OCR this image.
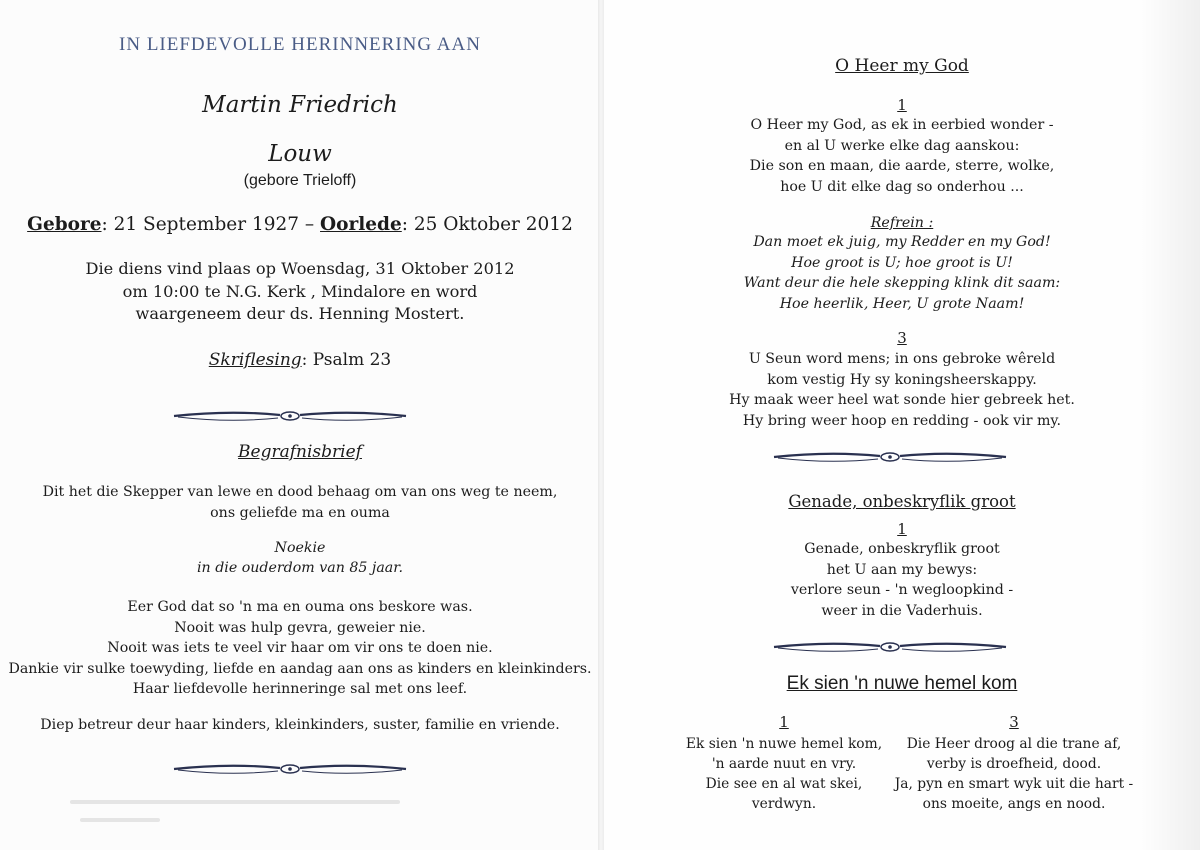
IN LIEFDEVOLLE HERINNERING AAN
Martin Friedrich
Louw
(gebore Trieloff)
Gebore: 21 September 1927 – Oorlede: 25 Oktober 2012
Die diens vind plaas op Woensdag, 31 Oktober 2012
om 10:00 te N.G. Kerk , Mindalore en word
waargeneem deur ds. Henning Mostert.
Skriflesing: Psalm 23
Begrafnisbrief
Dit het die Skepper van lewe en dood behaag om van ons weg te neem,
ons geliefde ma en ouma
Noekie
in die ouderdom van 85 jaar.
Eer God dat so 'n ma en ouma ons beskore was.
Nooit was hulp gevra, geweier nie.
Nooit was iets te veel vir haar om vir ons te doen nie.
Dankie vir sulke toewyding, liefde en aandag aan ons as kinders en kleinkinders.
Haar liefdevolle herinneringe sal met ons leef.
Diep betreur deur haar kinders, kleinkinders, suster, familie en vriende.
O Heer my God
1
O Heer my God, as ek in eerbied wonder -
en al U werke elke dag aanskou:
Die son en maan, die aarde, sterre, wolke,
hoe U dit elke dag so onderhou ...
Refrein :
Dan moet ek juig, my Redder en my God!
Hoe groot is U; hoe groot is U!
Want deur die hele skepping klink dit saam:
Hoe heerlik, Heer, U grote Naam!
3
U Seun word mens; in ons gebroke wêreld
kom vestig Hy sy koningsheerskappy.
Hy maak weer heel wat sonde hier gebreek het.
Hy bring weer hoop en redding - ook vir my.
Genade, onbeskryflik groot
1
Genade, onbeskryflik groot
het U aan my bewys:
verlore seun - 'n wegloopkind -
weer in die Vaderhuis.
Ek sien 'n nuwe hemel kom
1
Ek sien 'n nuwe hemel kom,
'n aarde nuut en vry.
Die see en al wat skei,
verdwyn.
3
Die Heer droog al die trane af,
verby is droefheid, dood.
Ja, pyn en smart wyk uit die hart -
ons moeite, angs en nood.
